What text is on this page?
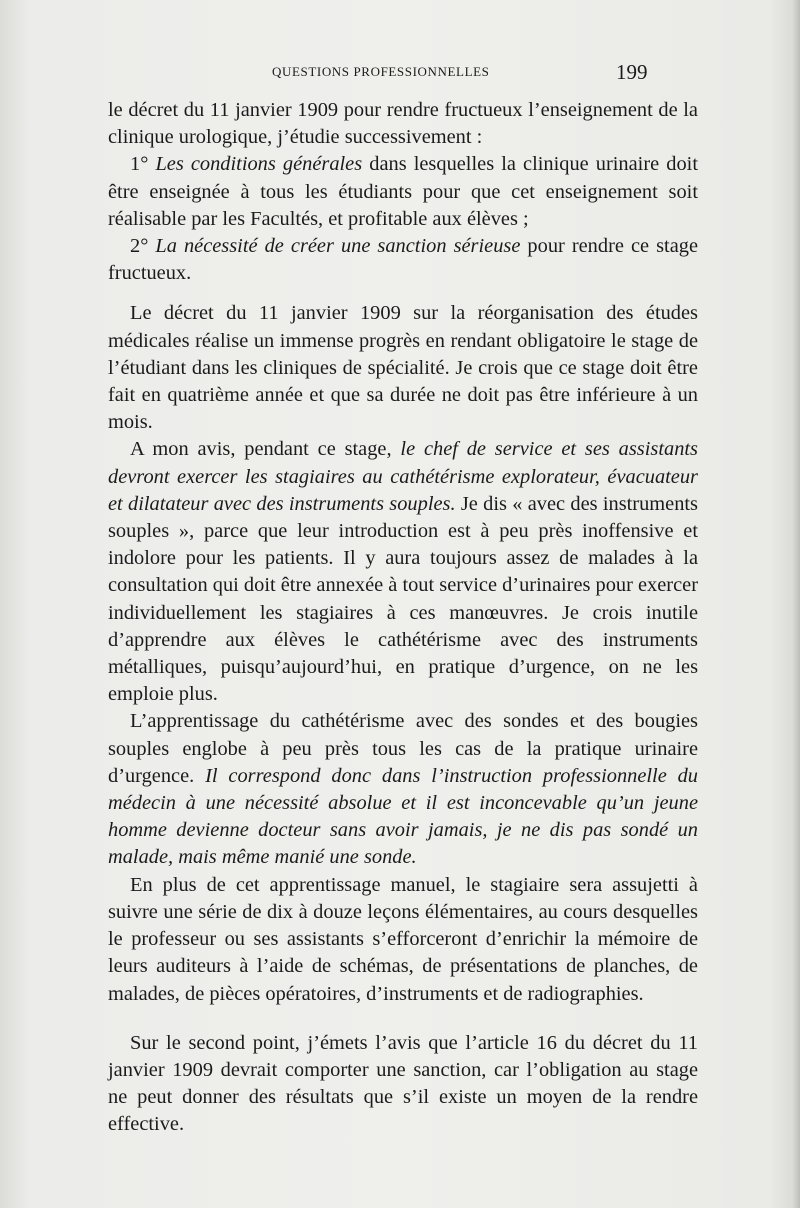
QUESTIONS PROFESSIONNELLES	199

le décret du 11 janvier 1909 pour rendre fructueux l’enseignement de la clinique urologique, j’étudie successivement :

1° Les conditions générales dans lesquelles la clinique urinaire doit être enseignée à tous les étudiants pour que cet enseignement soit réalisable par les Facultés, et profitable aux élèves ;

2° La nécessité de créer une sanction sérieuse pour rendre ce stage fructueux.

Le décret du 11 janvier 1909 sur la réorganisation des études médicales réalise un immense progrès en rendant obligatoire le stage de l’étudiant dans les cliniques de spécialité. Je crois que ce stage doit être fait en quatrième année et que sa durée ne doit pas être inférieure à un mois.

A mon avis, pendant ce stage, le chef de service et ses assistants devront exercer les stagiaires au cathétérisme explorateur, évacuateur et dilatateur avec des instruments souples. Je dis « avec des instruments souples », parce que leur introduction est à peu près inoffensive et indolore pour les patients. Il y aura toujours assez de malades à la consultation qui doit être annexée à tout service d’urinaires pour exercer individuellement les stagiaires à ces manœuvres. Je crois inutile d’apprendre aux élèves le cathétérisme avec des instruments métalliques, puisqu’aujourd’hui, en pratique d’urgence, on ne les emploie plus.

L’apprentissage du cathétérisme avec des sondes et des bougies souples englobe à peu près tous les cas de la pratique urinaire d’urgence. Il correspond donc dans l’instruction professionnelle du médecin à une nécessité absolue et il est inconcevable qu’un jeune homme devienne docteur sans avoir jamais, je ne dis pas sondé un malade, mais même manié une sonde.

En plus de cet apprentissage manuel, le stagiaire sera assujetti à suivre une série de dix à douze leçons élémentaires, au cours desquelles le professeur ou ses assistants s’efforceront d’enrichir la mémoire de leurs auditeurs à l’aide de schémas, de présentations de planches, de malades, de pièces opératoires, d’instruments et de radiographies.

Sur le second point, j’émets l’avis que l’article 16 du décret du 11 janvier 1909 devrait comporter une sanction, car l’obligation au stage ne peut donner des résultats que s’il existe un moyen de la rendre effective.
